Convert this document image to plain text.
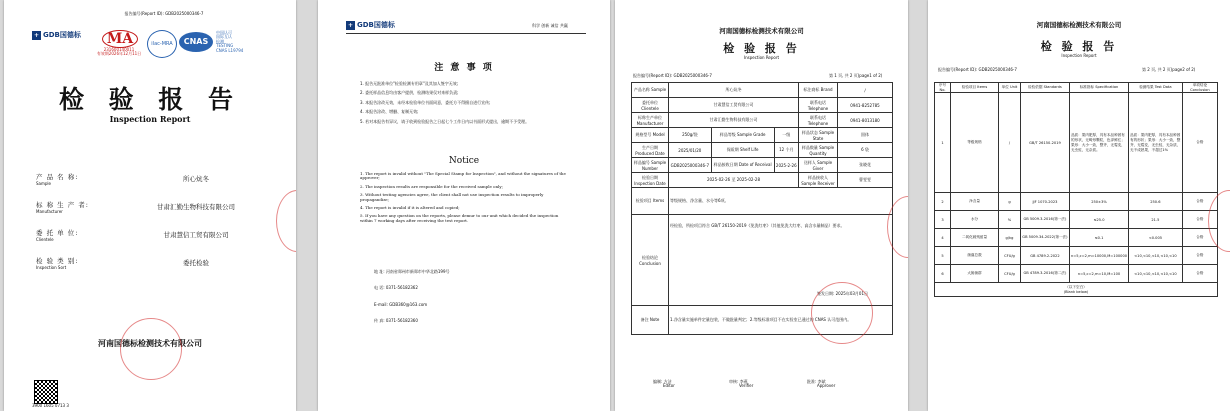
报告编号(Report ID): GDB2025000346-7
+ GDB国德标	MA
231600140011
有效期2026年12月11日
ilac-MRA	CNAS
中国认可
国际互认
检测
TESTING
CNAS L19794
检 验 报 告
Inspection Report
产 品 名 称:
Sample
所心炕冬
标 称 生 产 者:
Manufacturer
甘肃汇勤生物科技有限公司
委 托 单 位:
Clientele
甘肃慧信工贸有限公司
检 验 类 别:
Inspection Sort
委托检验
河南国德标检测技术有限公司
3900 1605 0713 3
+ GDB国德标	科学 创新 诚信 共赢
注 意 事 项
1. 报告无批准单位"检验检测专用章"及其加人签字无效;
2. 委托样品信息均由客户提供，检测结果仅对来样负责;
3. 本报告涂改无效，未经本检验单位书面同意，委托方不得擅自进行宣传;
4. 本报告涂改、增删、复制无效;
5. 若对本报告有异议，请于收到检验报告之日起七个工作日内以书面形式提出，逾期不予受理。
Notice
1. The report is invalid without "The Special Stamp for Inspection", and without the signatures of the approver;
2. The inspection results are responsible for the received sample only;
3. Without testing agencies agree, the client shall not use inspection results to improperly propagandize;
4. The report is invalid if it is altered and copied;
5. If you have any question on the reports, please demur to our unit which decided the inspection within 7 working days after receiving the test report.
地 址: 河南省郑州市新郑市中华北路199号
电 话: 0371-56182362
E-mail: GDB360@163.com
传 真: 0371-56182360
河南国德标检测技术有限公司
检 验 报 告
Inspection Report
报告编号(Report ID): GDB2025000346-7	第 1 页, 共 2 页(page1 of 2)
产品名称 Sample	所心炕冬			标注商标 Brand	/
委托单位 Clientele	甘肃慧信工贸有限公司			联系电话 Telephone	0941-8252785
标称生产单位 Manufacturer	甘肃汇勤生物科技有限公司			联系电话 Telephone	0941-8013180
规格型号 Model	250g/袋	样品等级 Sample Grade	一级	样品状态 Sample State	固体
生产日期 Produced Date	2025/01/20	保质期 Shelf Life	12 个月	样品数量 Sample Quantity	6 袋
样品编号 Sample Number	GDB2025000346-7	样品接收日期 Date of Receival	2025-2-26	送样人 Sample Giver	张晓花
检验日期 Inspection Date	2025-02-26 至 2025-02-28			样品接收人 Sample Receiver	曹雯雯
检验项目 Items	等级规格、净含量、水分等6项。				
检验结论 Conclusion	经检验，所检项目符合 GB/T 26150-2019《免洗红枣》（其他免洗大红枣、高含水量制品）要求。
签发日期: 2025年03月01日				

备注 Note	1.净含量实施单件定量包装，不做批量判定；2.等级标准项目不在实验室已通过的 CNAS 认可范围内。				
编制: 方洁
Editor
审核: 李燕
Verifier
批准: 李斌
Approver
河南国德标检测技术有限公司
检 验 报 告
Inspection Report
报告编号(Report ID): GDB2025000346-7	第 2 页, 共 2 页(page2 of 2)
序号 No.	检验项目 Items	单位 Unit	检验依据 Standards	标准指标 Specification	检测结果 Test Data	单项结论 Conclusion
1	等级规格	/	GB/T 26150-2019	品质：果肉肥厚，具有本品种固有的形状，无畸形颗粒，色泽鲜红；果形：大小一致，整齐，无霉变，无虫蛀，无杂质。	品质：果肉肥厚，具有本品种固有的形状；果形：大小一致，整齐，无霉变，无虫蛀，无杂质，无不成熟果，不超过1%	合格
2	净含量	g	JJF 1070-2023	250±3%	250.6	合格
3	水分	%	GB 5009.3-2016(第一法)	≤25.0	21.5	合格
4	二氧化硫残留量	g/kg	GB 5009.34-2022(第一法)	≤0.1	<0.005	合格
5	菌落总数	CFU/g	GB 4789.2-2022	n=5,c=2,m=10000,M=100000	<10,<10,<10,<10,<10	合格
6	大肠菌群	CFU/g	GB 4789.3-2016(第二法)	n=5,c=2,m=10,M=100	<10,<10,<10,<10,<10	合格

（以下空白）
(Blank below)						
